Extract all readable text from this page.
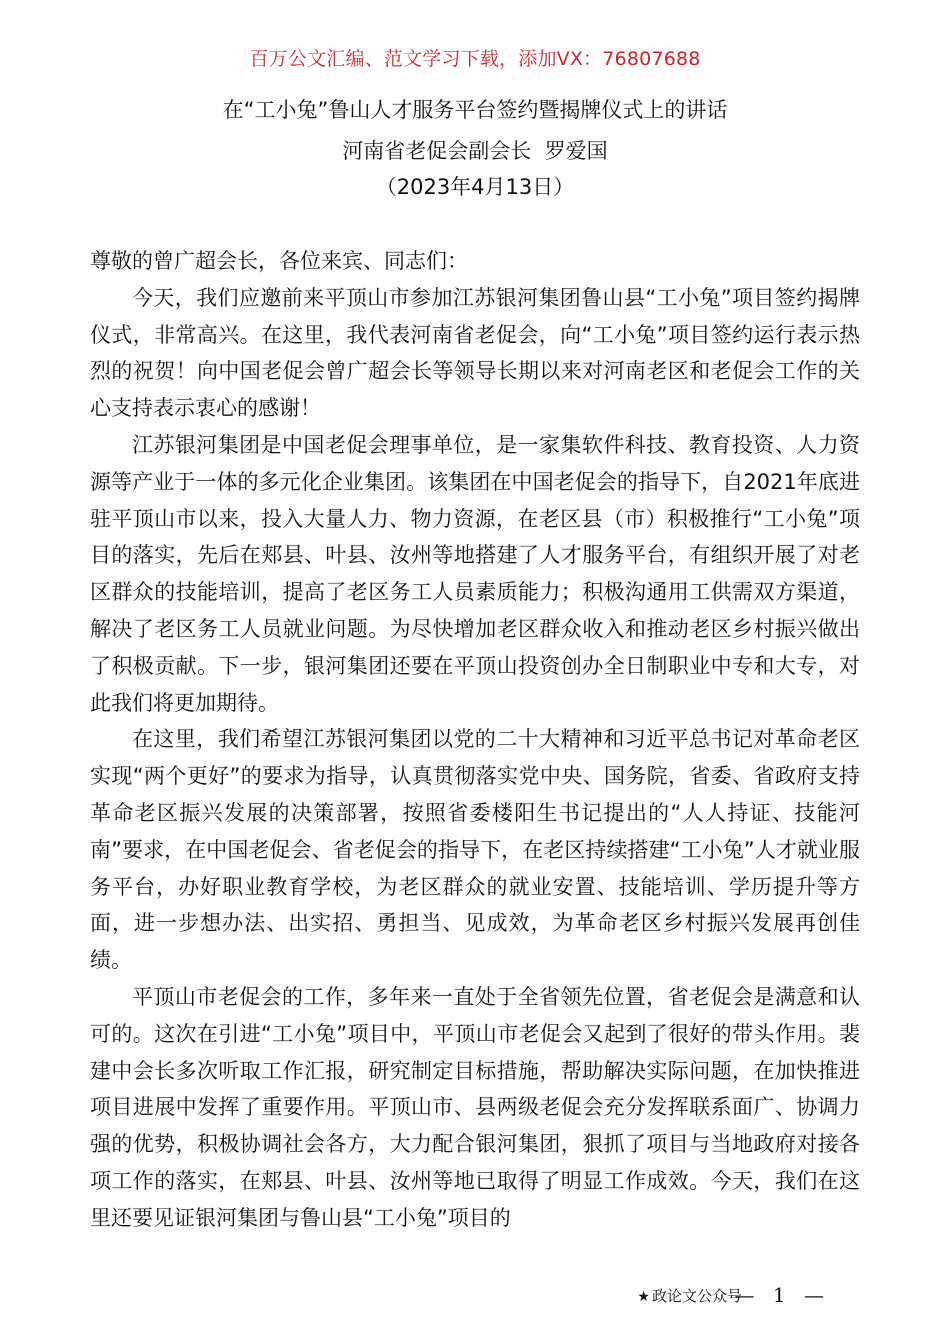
百万公文汇编、范文学习下载，添加VX：76807688
在“工小兔”鲁山人才服务平台签约暨揭牌仪式上的讲话
河南省老促会副会长  罗爱国
（2023年4月13日）

尊敬的曾广超会长，各位来宾、同志们：

今天，我们应邀前来平顶山市参加江苏银河集团鲁山县“工小兔”项目签约揭牌仪式，非常高兴。在这里，我代表河南省老促会，向“工小兔”项目签约运行表示热烈的祝贺！向中国老促会曾广超会长等领导长期以来对河南老区和老促会工作的关心支持表示衷心的感谢！

江苏银河集团是中国老促会理事单位，是一家集软件科技、教育投资、人力资源等产业于一体的多元化企业集团。该集团在中国老促会的指导下，自2021年底进驻平顶山市以来，投入大量人力、物力资源，在老区县（市）积极推行“工小兔”项目的落实，先后在郏县、叶县、汝州等地搭建了人才服务平台，有组织开展了对老区群众的技能培训，提高了老区务工人员素质能力；积极沟通用工供需双方渠道，解决了老区务工人员就业问题。为尽快增加老区群众收入和推动老区乡村振兴做出了积极贡献。下一步，银河集团还要在平顶山投资创办全日制职业中专和大专，对此我们将更加期待。

在这里，我们希望江苏银河集团以党的二十大精神和习近平总书记对革命老区实现“两个更好”的要求为指导，认真贯彻落实党中央、国务院，省委、省政府支持革命老区振兴发展的决策部署，按照省委楼阳生书记提出的“人人持证、技能河南”要求，在中国老促会、省老促会的指导下，在老区持续搭建“工小兔”人才就业服务平台，办好职业教育学校，为老区群众的就业安置、技能培训、学历提升等方面，进一步想办法、出实招、勇担当、见成效，为革命老区乡村振兴发展再创佳绩。

平顶山市老促会的工作，多年来一直处于全省领先位置，省老促会是满意和认可的。这次在引进“工小兔”项目中，平顶山市老促会又起到了很好的带头作用。裴建中会长多次听取工作汇报，研究制定目标措施，帮助解决实际问题，在加快推进项目进展中发挥了重要作用。平顶山市、县两级老促会充分发挥联系面广、协调力强的优势，积极协调社会各方，大力配合银河集团，狠抓了项目与当地政府对接各项工作的落实，在郏县、叶县、汝州等地已取得了明显工作成效。今天，我们在这里还要见证银河集团与鲁山县“工小兔”项目的

★ 政论文公众号
— 1 —
